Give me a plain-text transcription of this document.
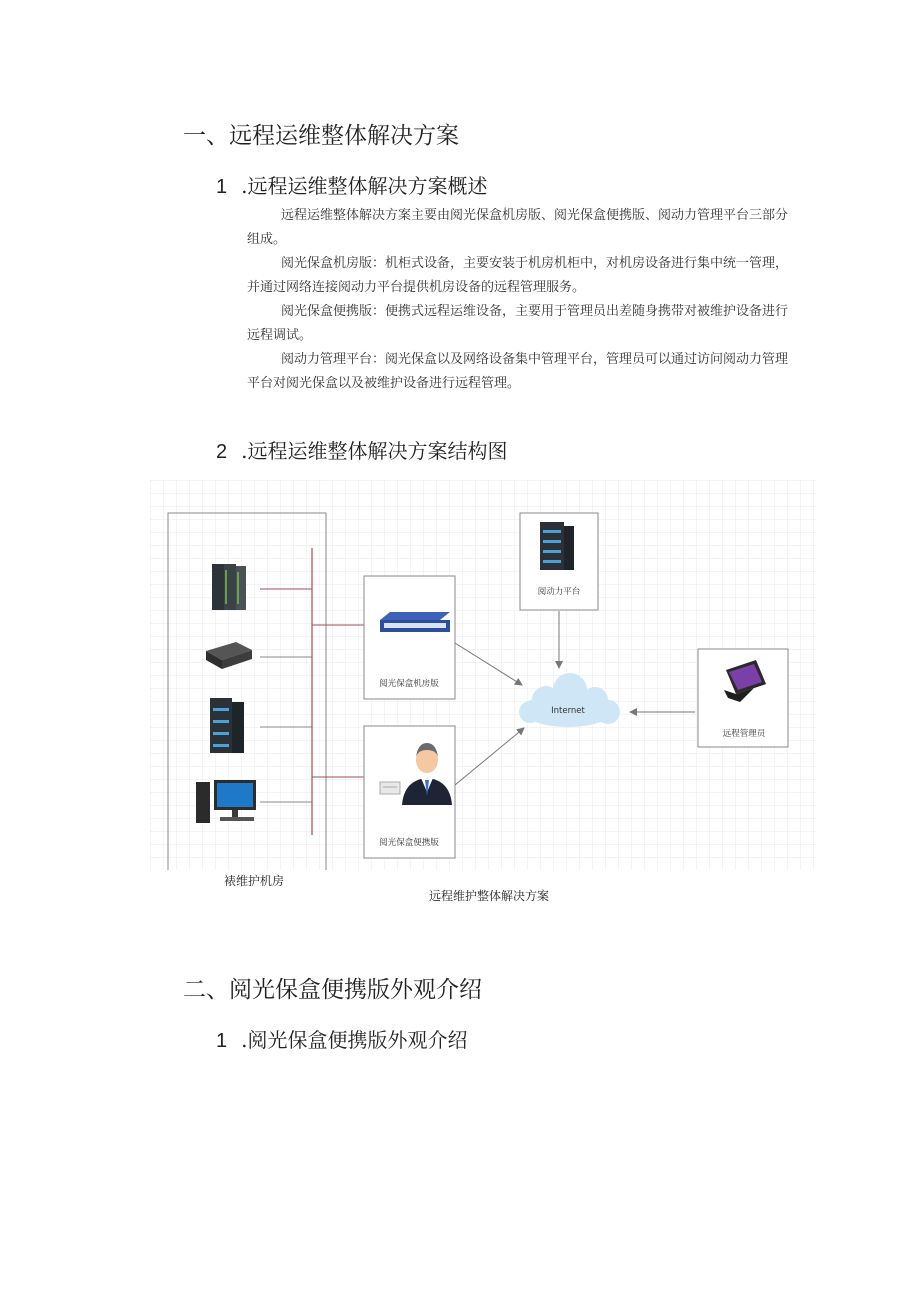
一、远程运维整体解决方案
1 .远程运维整体解决方案概述

远程运维整体解决方案主要由阅光保盒机房版、阅光保盒便携版、阅动力管理平台三部分组成。

阅光保盒机房版：机柜式设备，主要安装于机房机柜中，对机房设备进行集中统一管理，并通过网络连接阅动力平台提供机房设备的远程管理服务。

阅光保盒便携版：便携式远程运维设备，主要用于管理员出差随身携带对被维护设备进行远程调试。

阅动力管理平台：阅光保盒以及网络设备集中管理平台，管理员可以通过访问阅动力管理平台对阅光保盒以及被维护设备进行远程管理。

2 .远程运维整体解决方案结构图
阅光保盒机房版
阅光保盒便携版
阅动力平台
Internet
远程管理员
裱维护机房
远程维护整体解决方案
二、阅光保盒便携版外观介绍
1 .阅光保盒便携版外观介绍
